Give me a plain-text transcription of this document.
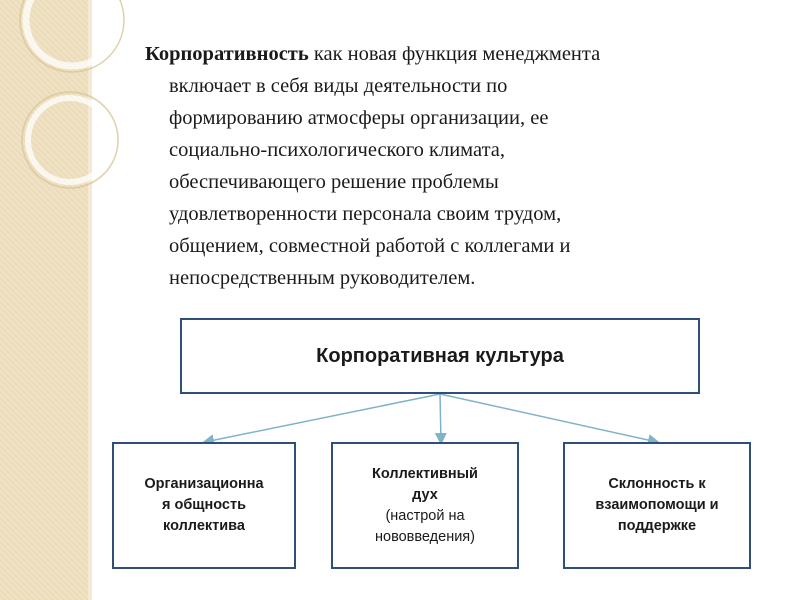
Корпоративность как новая функция менеджмента
включает в себя виды деятельности по
формированию атмосферы организации, ее
социально-психологического климата,
обеспечивающего решение проблемы
удовлетворенности персонала своим трудом,
общением, совместной работой с коллегами и
непосредственным руководителем.
Корпоративная культура
Организационна
я общность
коллектива
Коллективный
дух
(настрой на
нововведения)
Склонность к
взаимопомощи и
поддержке
